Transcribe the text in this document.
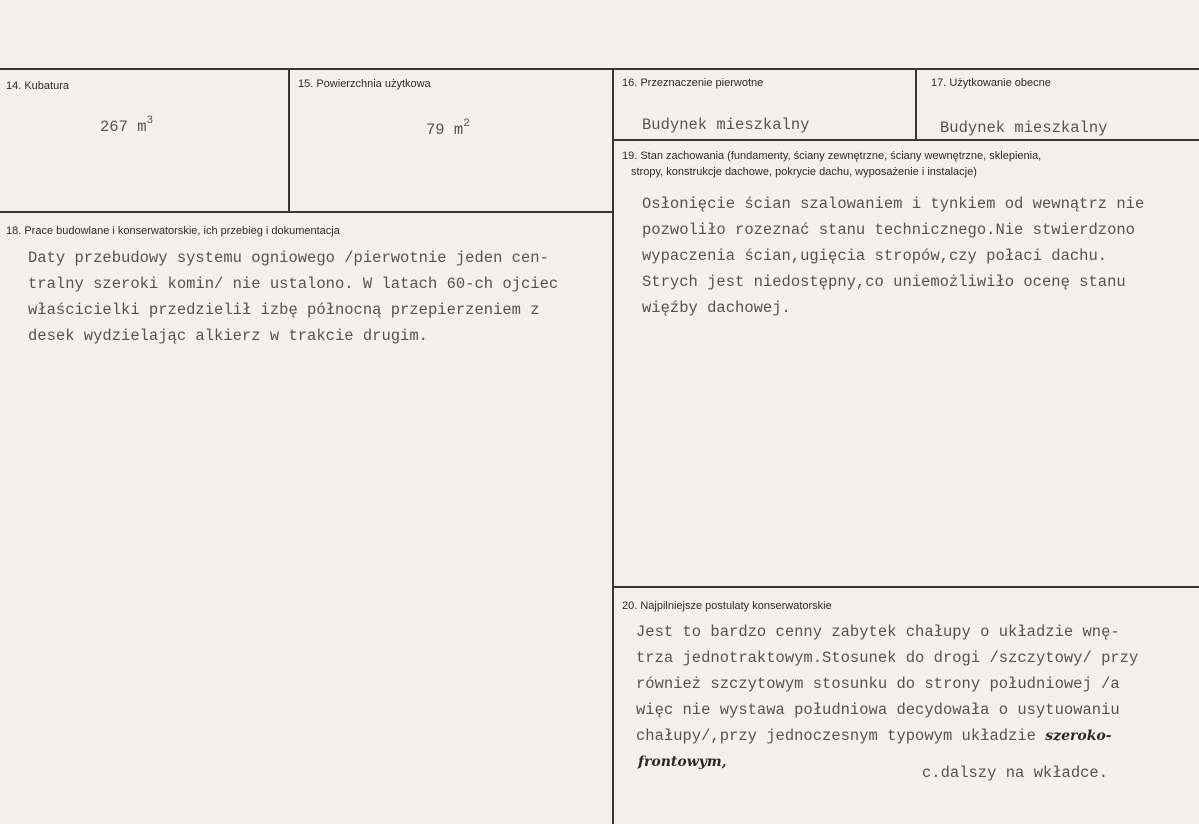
14. Kubatura
267 $m^3$
15. Powierzchnia użytkowa
79 $m^2$
16. Przeznaczenie pierwotne
Budynek mieszkalny
17. Użytkowanie obecne
Budynek mieszkalny
18. Prace budowlane i konserwatorskie, ich przebieg i dokumentacja
Daty przebudowy systemu ogniowego /pierwotnie jeden cen-
tralny szeroki komin/ nie ustalono. W latach 60-ch ojciec
właścicielki przedzielił izbę północną przepierzeniem z
desek wydzielając alkierz w trakcie drugim.
19. Stan zachowania (fundamenty, ściany zewnętrzne, ściany wewnętrzne, sklepienia,
stropy, konstrukcje dachowe, pokrycie dachu, wyposażenie i instalacje)
Osłonięcie ścian szalowaniem i tynkiem od wewnątrz nie
pozwoliło rozeznać stanu technicznego.Nie stwierdzono
wypaczenia ścian,ugięcia stropów,czy połaci dachu.
Strych jest niedostępny,co uniemożliwiło ocenę stanu
więźby dachowej.
20. Najpilniejsze postulaty konserwatorskie
Jest to bardzo cenny zabytek chałupy o układzie wnę-
trza jednotraktowym.Stosunek do drogi /szczytowy/ przy
również szczytowym stosunku do strony południowej /a
więc nie wystawa południowa decydowała o usytuowaniu
chałupy/,przy jednoczesnym typowym układzie szeroko-
frontowym,
c.dalszy na wkładce.
